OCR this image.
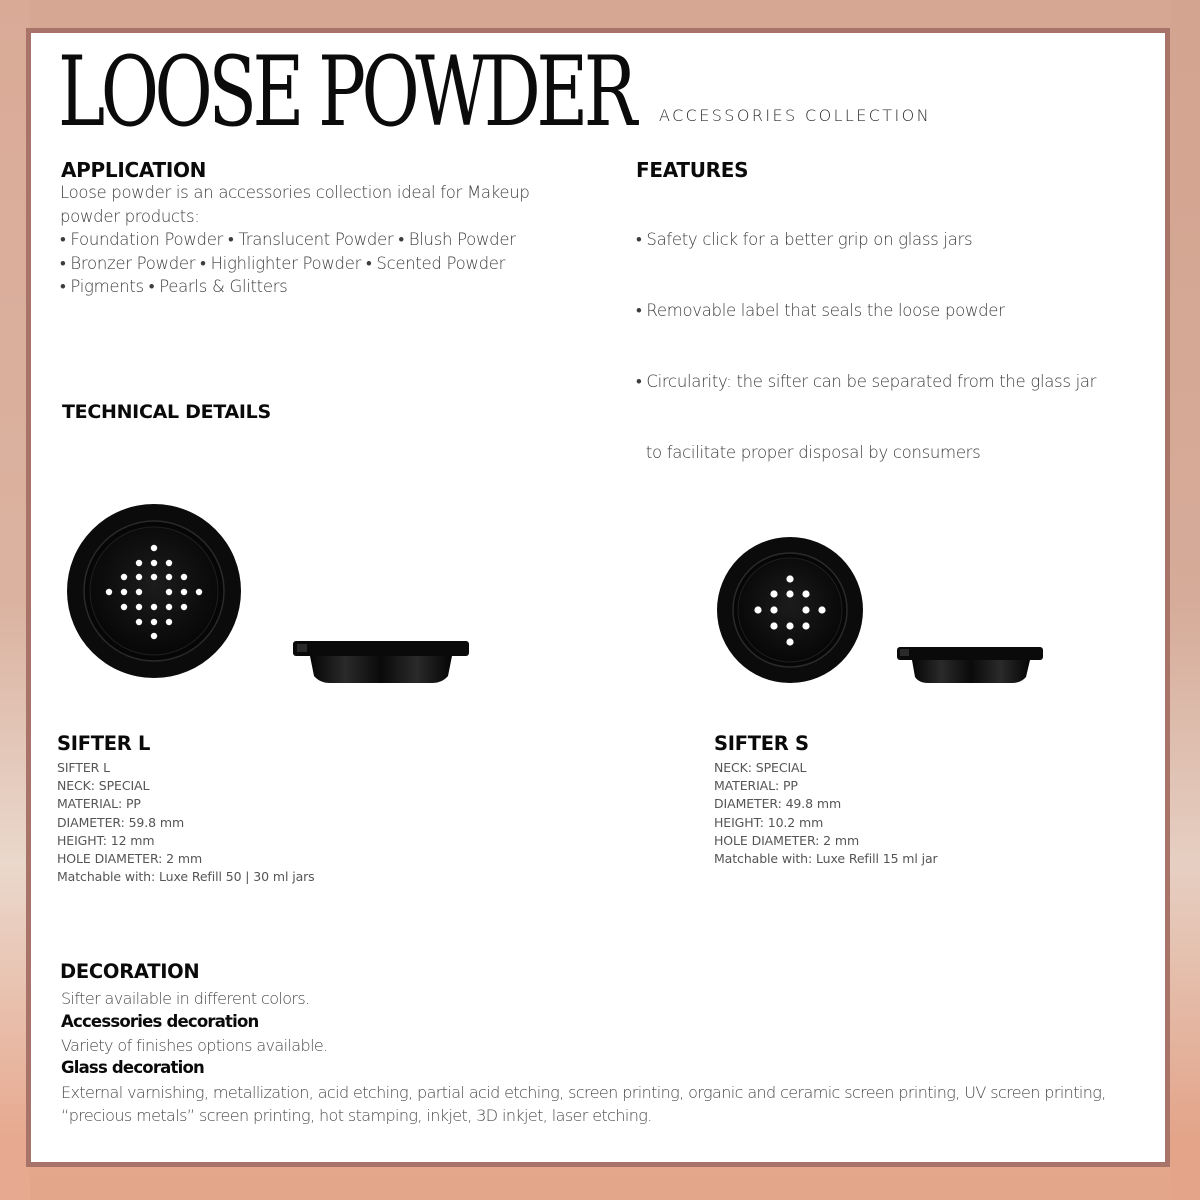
LOOSE POWDER ACCESSORIES COLLECTION
APPLICATION
Loose powder is an accessories collection ideal for Makeup
powder products:
• Foundation Powder • Translucent Powder • Blush Powder
• Bronzer Powder • Highlighter Powder • Scented Powder
• Pigments • Pearls & Glitters
FEATURES

• Safety click for a better grip on glass jars

• Removable label that seals the loose powder

• Circularity: the sifter can be separated from the glass jar

to facilitate proper disposal by consumers

TECHNICAL DETAILS
SIFTER L
SIFTER L
NECK: SPECIAL
MATERIAL: PP
DIAMETER: 59.8 mm
HEIGHT: 12 mm
HOLE DIAMETER: 2 mm
Matchable with: Luxe Refill 50 | 30 ml jars
SIFTER S
NECK: SPECIAL
MATERIAL: PP
DIAMETER: 49.8 mm
HEIGHT: 10.2 mm
HOLE DIAMETER: 2 mm
Matchable with: Luxe Refill 15 ml jar
DECORATION
Sifter available in different colors.
Accessories decoration
Variety of finishes options available.
Glass decoration
External varnishing, metallization, acid etching, partial acid etching, screen printing, organic and ceramic screen printing, UV screen printing, “precious metals” screen printing, hot stamping, inkjet, 3D inkjet, laser etching.
